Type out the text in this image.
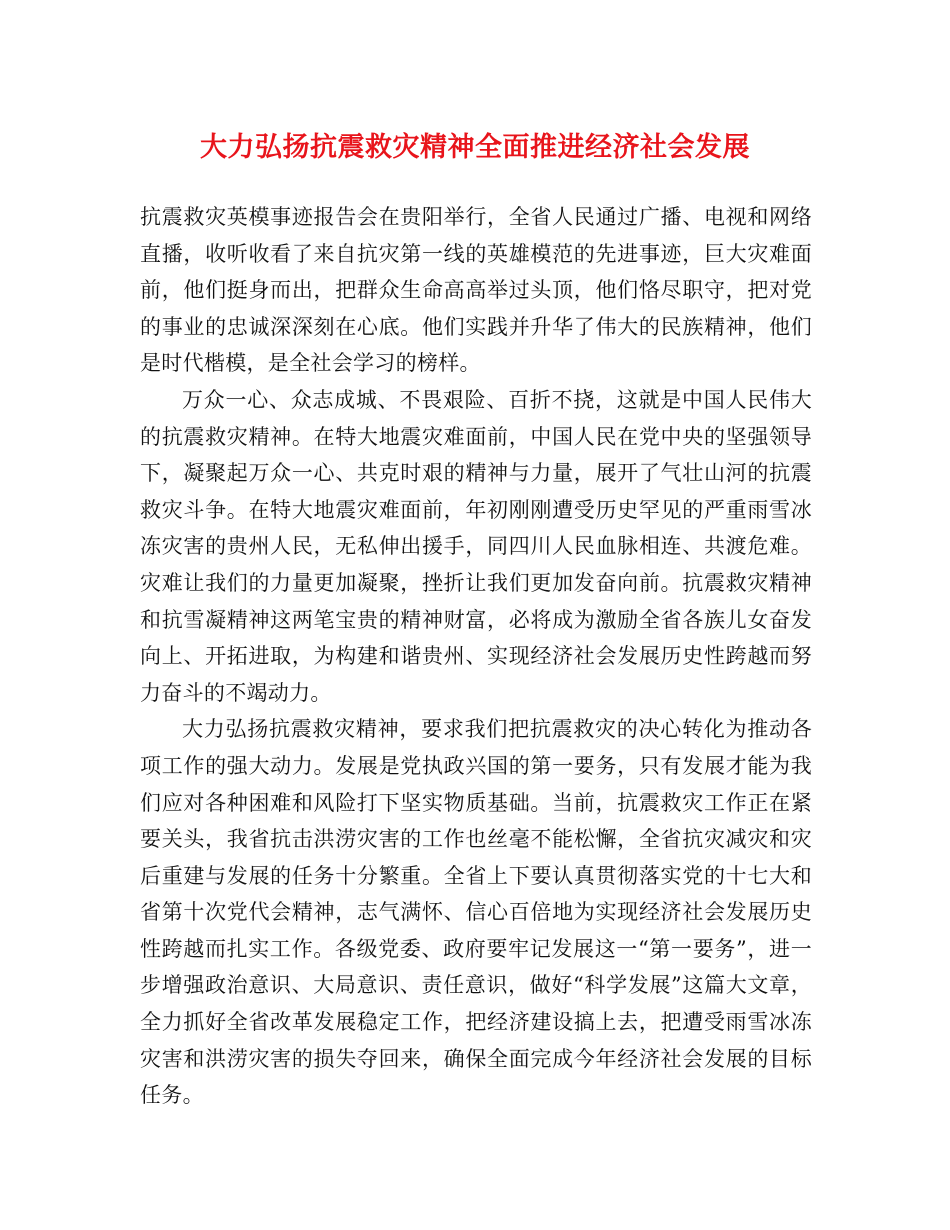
大力弘扬抗震救灾精神全面推进经济社会发展

抗震救灾英模事迹报告会在贵阳举行，全省人民通过广播、电视和网络直播，收听收看了来自抗灾第一线的英雄模范的先进事迹，巨大灾难面前，他们挺身而出，把群众生命高高举过头顶，他们恪尽职守，把对党的事业的忠诚深深刻在心底。他们实践并升华了伟大的民族精神，他们是时代楷模，是全社会学习的榜样。

万众一心、众志成城、不畏艰险、百折不挠，这就是中国人民伟大的抗震救灾精神。在特大地震灾难面前，中国人民在党中央的坚强领导下，凝聚起万众一心、共克时艰的精神与力量，展开了气壮山河的抗震救灾斗争。在特大地震灾难面前，年初刚刚遭受历史罕见的严重雨雪冰冻灾害的贵州人民，无私伸出援手，同四川人民血脉相连、共渡危难。灾难让我们的力量更加凝聚，挫折让我们更加发奋向前。抗震救灾精神和抗雪凝精神这两笔宝贵的精神财富，必将成为激励全省各族儿女奋发向上、开拓进取，为构建和谐贵州、实现经济社会发展历史性跨越而努力奋斗的不竭动力。

大力弘扬抗震救灾精神，要求我们把抗震救灾的决心转化为推动各项工作的强大动力。发展是党执政兴国的第一要务，只有发展才能为我们应对各种困难和风险打下坚实物质基础。当前，抗震救灾工作正在紧要关头，我省抗击洪涝灾害的工作也丝毫不能松懈，全省抗灾减灾和灾后重建与发展的任务十分繁重。全省上下要认真贯彻落实党的十七大和省第十次党代会精神，志气满怀、信心百倍地为实现经济社会发展历史性跨越而扎实工作。各级党委、政府要牢记发展这一“第一要务”，进一步增强政治意识、大局意识、责任意识，做好“科学发展”这篇大文章，全力抓好全省改革发展稳定工作，把经济建设搞上去，把遭受雨雪冰冻灾害和洪涝灾害的损失夺回来，确保全面完成今年经济社会发展的目标任务。
